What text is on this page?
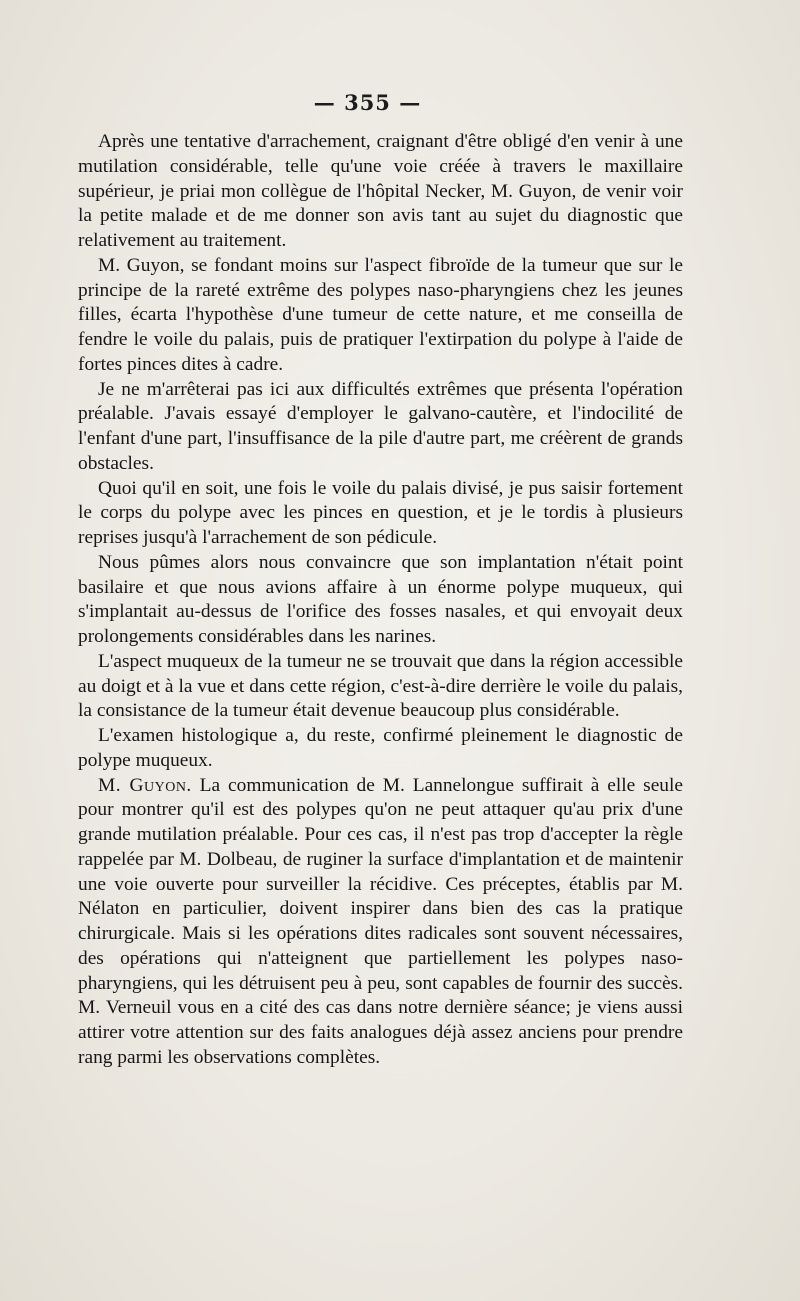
— 355 —

Après une tentative d'arrachement, craignant d'être obligé d'en venir à une mutilation considérable, telle qu'une voie créée à travers le maxillaire supérieur, je priai mon collègue de l'hôpital Necker, M. Guyon, de venir voir la petite malade et de me donner son avis tant au sujet du diagnostic que relativement au traitement.

M. Guyon, se fondant moins sur l'aspect fibroïde de la tumeur que sur le principe de la rareté extrême des polypes naso-pharyngiens chez les jeunes filles, écarta l'hypothèse d'une tumeur de cette nature, et me conseilla de fendre le voile du palais, puis de pratiquer l'extirpation du polype à l'aide de fortes pinces dites à cadre.

Je ne m'arrêterai pas ici aux difficultés extrêmes que présenta l'opération préalable. J'avais essayé d'employer le galvano-cautère, et l'indocilité de l'enfant d'une part, l'insuffisance de la pile d'autre part, me créèrent de grands obstacles.

Quoi qu'il en soit, une fois le voile du palais divisé, je pus saisir fortement le corps du polype avec les pinces en question, et je le tordis à plusieurs reprises jusqu'à l'arrachement de son pédicule.

Nous pûmes alors nous convaincre que son implantation n'était point basilaire et que nous avions affaire à un énorme polype muqueux, qui s'implantait au-dessus de l'orifice des fosses nasales, et qui envoyait deux prolongements considérables dans les narines.

L'aspect muqueux de la tumeur ne se trouvait que dans la région accessible au doigt et à la vue et dans cette région, c'est-à-dire derrière le voile du palais, la consistance de la tumeur était devenue beaucoup plus considérable.

L'examen histologique a, du reste, confirmé pleinement le diagnostic de polype muqueux.

M. Guyon. La communication de M. Lannelongue suffirait à elle seule pour montrer qu'il est des polypes qu'on ne peut attaquer qu'au prix d'une grande mutilation préalable. Pour ces cas, il n'est pas trop d'accepter la règle rappelée par M. Dolbeau, de ruginer la surface d'implantation et de maintenir une voie ouverte pour surveiller la récidive. Ces préceptes, établis par M. Nélaton en particulier, doivent inspirer dans bien des cas la pratique chirurgicale. Mais si les opérations dites radicales sont souvent nécessaires, des opérations qui n'atteignent que partiellement les polypes naso-pharyngiens, qui les détruisent peu à peu, sont capables de fournir des succès. M. Verneuil vous en a cité des cas dans notre dernière séance; je viens aussi attirer votre attention sur des faits analogues déjà assez anciens pour prendre rang parmi les observations complètes.
